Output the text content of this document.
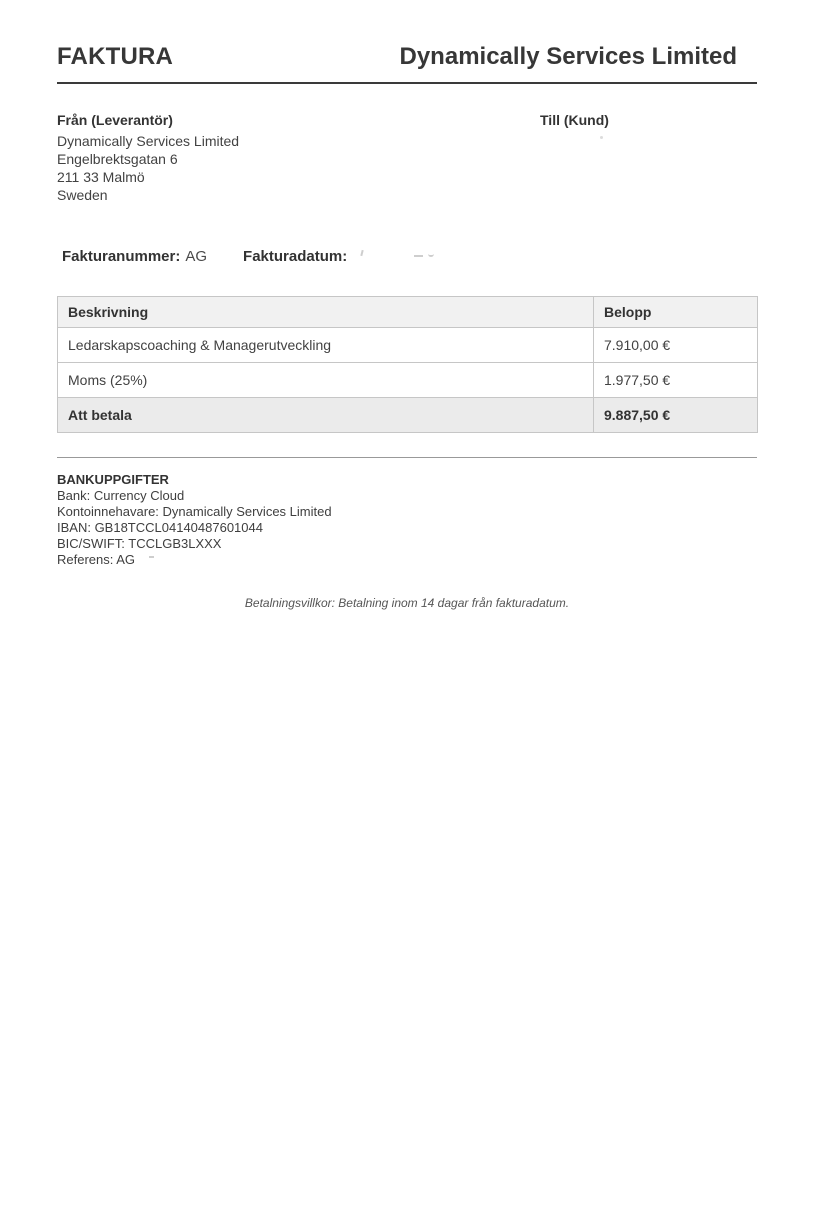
FAKTURA	Dynamically Services Limited
Från (Leverantör)
Dynamically Services Limited
Engelbrektsgatan 6
211 33 Malmö
Sweden
Till (Kund)
Fakturanummer: AG Fakturadatum:
Beskrivning	Belopp
Ledarskapscoaching & Managerutveckling	7.910,00 €
Moms (25%)	1.977,50 €
Att betala	9.887,50 €
BANKUPPGIFTER
Bank: Currency Cloud
Kontoinnehavare: Dynamically Services Limited
IBAN: GB18TCCL04140487601044
BIC/SWIFT: TCCLGB3LXXX
Referens: AG
Betalningsvillkor: Betalning inom 14 dagar från fakturadatum.
